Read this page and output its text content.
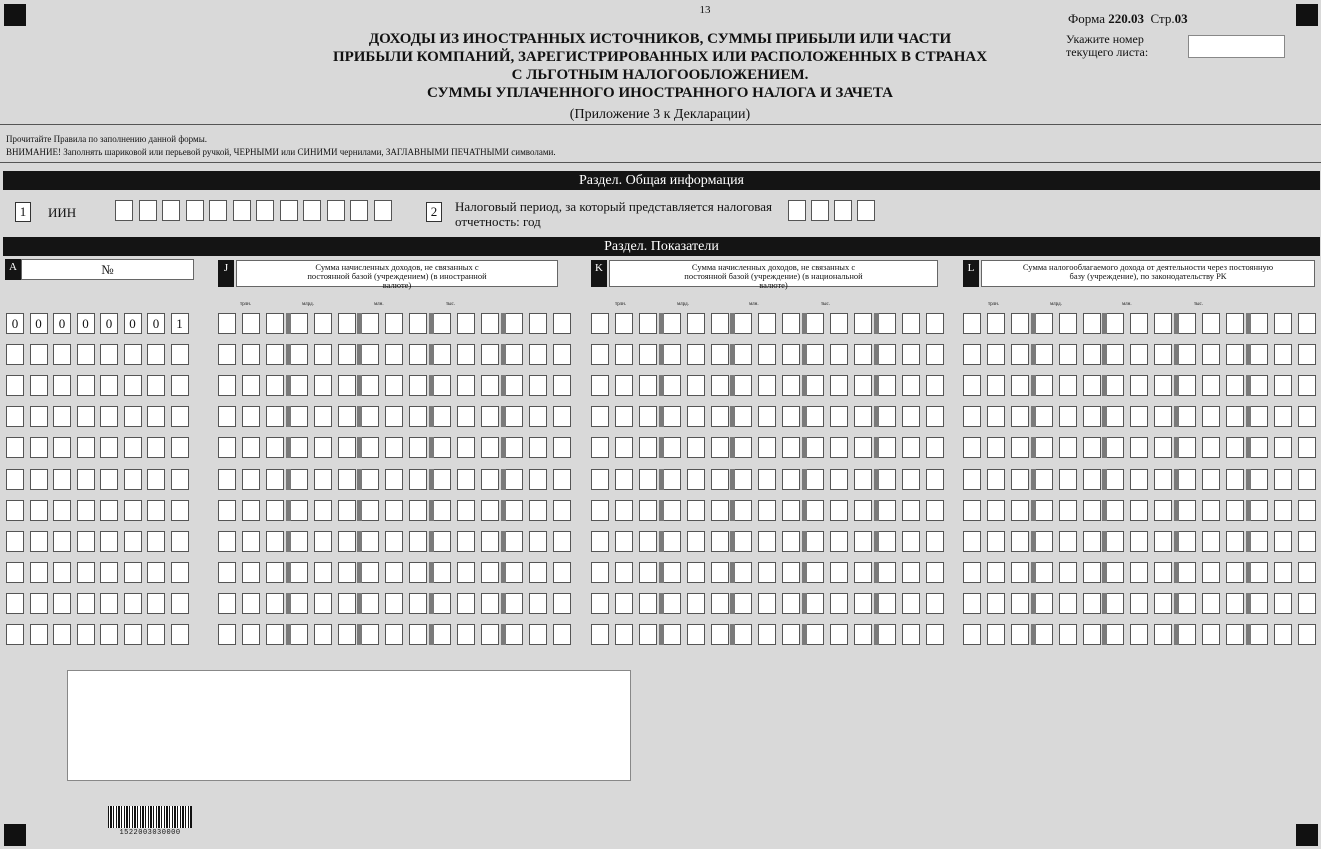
13
ДОХОДЫ ИЗ ИНОСТРАННЫХ ИСТОЧНИКОВ, СУММЫ ПРИБЫЛИ ИЛИ ЧАСТИ
ПРИБЫЛИ КОМПАНИЙ, ЗАРЕГИСТРИРОВАННЫХ ИЛИ РАСПОЛОЖЕННЫХ В СТРАНАХ
С ЛЬГОТНЫМ НАЛОГООБЛОЖЕНИЕМ.
СУММЫ УПЛАЧЕННОГО ИНОСТРАННОГО НАЛОГА И ЗАЧЕТА
(Приложение 3 к Декларации)
Форма 220.03 Стр.03
Укажите номер текущего листа:
Прочитайте Правила по заполнению данной формы.
ВНИМАНИЕ! Заполнять шариковой или перьевой ручкой, ЧЕРНЫМИ или СИНИМИ чернилами, ЗАГЛАВНЫМИ ПЕЧАТНЫМИ символами.
Раздел. Общая информация
1	ИИН	2	Налоговый период, за который представляется налоговая отчетность: год
Раздел. Показатели
A	№	J	Сумма начисленных доходов, не связанных с постоянной базой (учреждением) (в иностранной валюте)
K	Сумма начисленных доходов, не связанных с постоянной базой (учреждение) (в национальной валюте)
L	Сумма налогооблагаемого дохода от деятельности через постоянную базу (учреждение), по законодательству РК
трлн.	млрд.	млн.	тыс.	трлн.	млрд.	млн.	тыс.	трлн.	млрд.	млн.	тыс.
0	0	0	0	0	0	0	1
1522003030000
